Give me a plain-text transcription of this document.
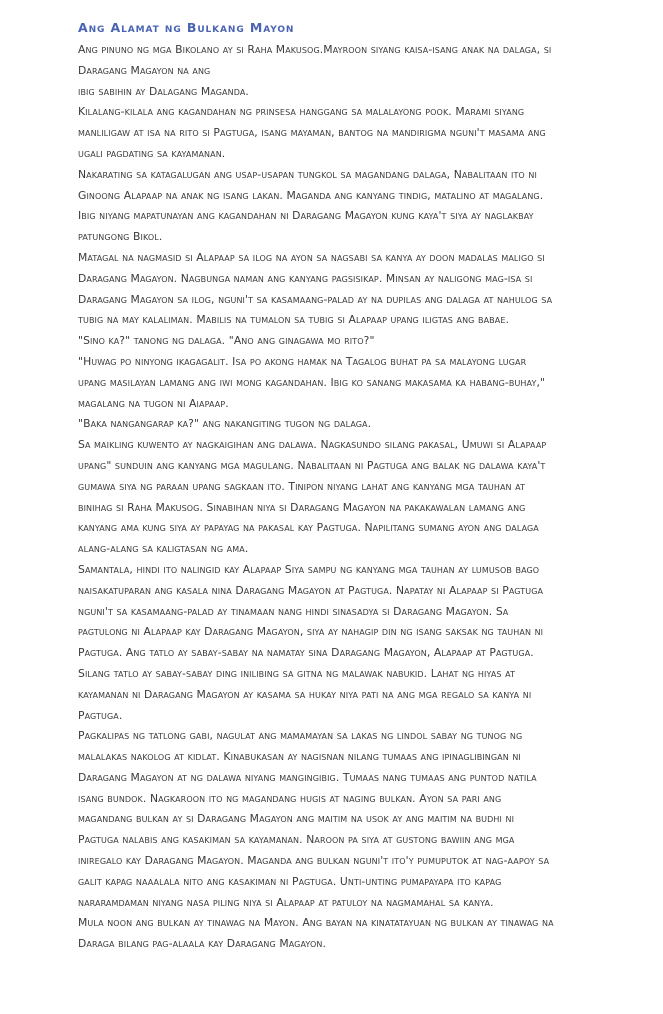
Ang Alamat ng Bulkang Mayon
Ang pinuno ng mga Bikolano ay si Raha Makusog.Mayroon siyang kaisa-isang anak na dalaga, si
Daragang Magayon na ang
ibig sabihin ay Dalagang Maganda.
Kilalang-kilala ang kagandahan ng prinsesa hanggang sa malalayong pook. Marami siyang
manliligaw at isa na rito si Pagtuga, isang mayaman, bantog na mandirigma nguni't masama ang
ugali pagdating sa kayamanan.
Nakarating sa katagalugan ang usap-usapan tungkol sa magandang dalaga, Nabalitaan ito ni
Ginoong Alapaap na anak ng isang lakan. Maganda ang kanyang tindig, matalino at magalang.
Ibig niyang mapatunayan ang kagandahan ni Daragang Magayon kung kaya't siya ay naglakbay
patungong Bikol.
Matagal na nagmasid si Alapaap sa ilog na ayon sa nagsabi sa kanya ay doon madalas maligo si
Daragang Magayon. Nagbunga naman ang kanyang pagsisikap. Minsan ay naligong mag-isa si
Daragang Magayon sa ilog, nguni't sa kasamaang-palad ay na dupilas ang dalaga at nahulog sa
tubig na may kalaliman. Mabilis na tumalon sa tubig si Alapaap upang iligtas ang babae.
"Sino ka?" tanong ng dalaga. "Ano ang ginagawa mo rito?"
"Huwag po ninyong ikagagalit. Isa po akong hamak na Tagalog buhat pa sa malayong lugar
upang masilayan lamang ang iwi mong kagandahan. Ibig ko sanang makasama ka habang-buhay,"
magalang na tugon ni Aiapaap.
"Baka nangangarap ka?" ang nakangiting tugon ng dalaga.
Sa maikling kuwento ay nagkaigihan ang dalawa. Nagkasundo silang pakasal, Umuwi si Alapaap
upang" sunduin ang kanyang mga magulang. Nabalitaan ni Pagtuga ang balak ng dalawa kaya't
gumawa siya ng paraan upang sagkaan ito. Tinipon niyang lahat ang kanyang mga tauhan at
binihag si Raha Makusog. Sinabihan niya si Daragang Magayon na pakakawalan lamang ang
kanyang ama kung siya ay papayag na pakasal kay Pagtuga. Napilitang sumang ayon ang dalaga
alang-alang sa kaligtasan ng ama.
Samantala, hindi ito nalingid kay Alapaap Siya sampu ng kanyang mga tauhan ay lumusob bago
naisakatuparan ang kasala nina Daragang Magayon at Pagtuga. Napatay ni Alapaap si Pagtuga
nguni't sa kasamaang-palad ay tinamaan nang hindi sinasadya si Daragang Magayon. Sa
pagtulong ni Alapaap kay Daragang Magayon, siya ay nahagip din ng isang saksak ng tauhan ni
Pagtuga. Ang tatlo ay sabay-sabay na namatay sina Daragang Magayon, Alapaap at Pagtuga.
Silang tatlo ay sabay-sabay ding inilibing sa gitna ng malawak nabukid. Lahat ng hiyas at
kayamanan ni Daragang Magayon ay kasama sa hukay niya pati na ang mga regalo sa kanya ni
Pagtuga.
Pagkalipas ng tatlong gabi, nagulat ang mamamayan sa lakas ng lindol sabay ng tunog ng
malalakas nakolog at kidlat. Kinabukasan ay nagisnan nilang tumaas ang ipinaglibingan ni
Daragang Magayon at ng dalawa niyang mangingibig. Tumaas nang tumaas ang puntod natila
isang bundok. Nagkaroon ito ng magandang hugis at naging bulkan. Ayon sa pari ang
magandang bulkan ay si Daragang Magayon ang maitim na usok ay ang maitim na budhi ni
Pagtuga nalabis ang kasakiman sa kayamanan. Naroon pa siya at gustong bawiin ang mga
iniregalo kay Daragang Magayon. Maganda ang bulkan nguni't ito'y pumuputok at nag-aapoy sa
galit kapag naaalala nito ang kasakiman ni Pagtuga. Unti-unting pumapayapa ito kapag
nararamdaman niyang nasa piling niya si Alapaap at patuloy na nagmamahal sa kanya.
Mula noon ang bulkan ay tinawag na Mayon. Ang bayan na kinatatayuan ng bulkan ay tinawag na
Daraga bilang pag-alaala kay Daragang Magayon.
